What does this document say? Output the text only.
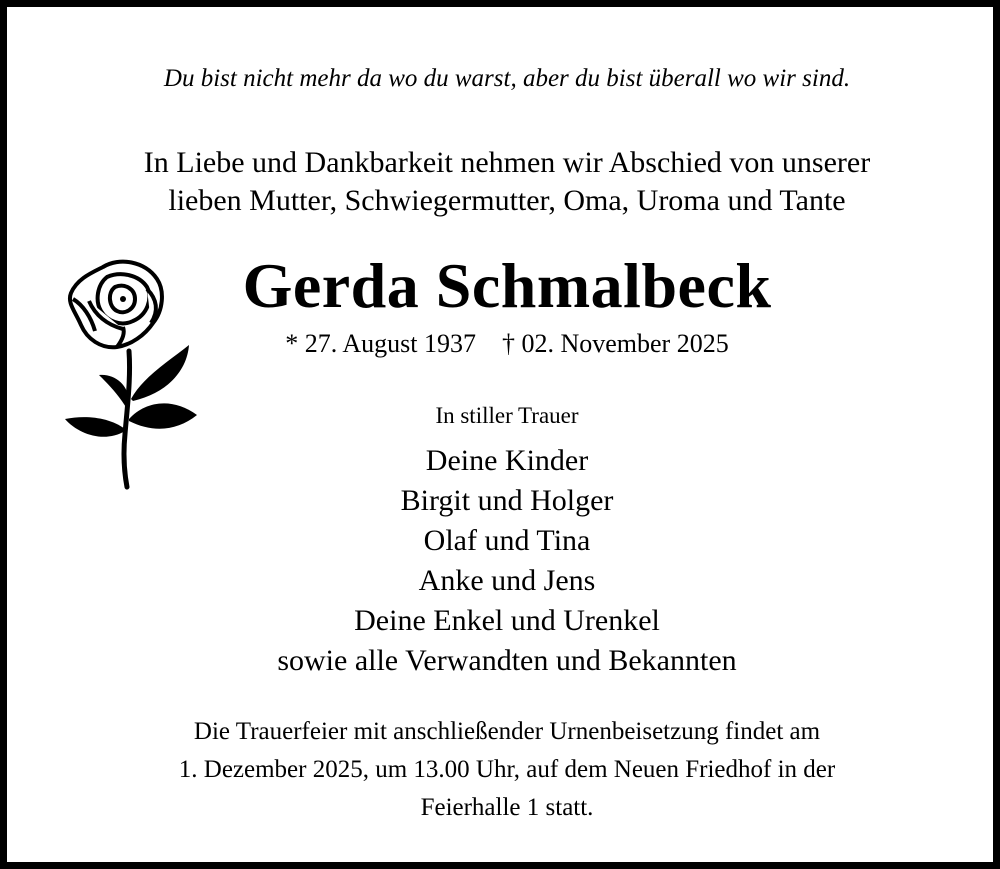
Du bist nicht mehr da wo du warst, aber du bist überall wo wir sind.

In Liebe und Dankbarkeit nehmen wir Abschied von unserer

lieben Mutter, Schwiegermutter, Oma, Uroma und Tante

Gerda Schmalbeck
* 27. August 1937 † 02. November 2025

In stiller Trauer

Deine Kinder

Birgit und Holger

Olaf und Tina

Anke und Jens

Deine Enkel und Urenkel

sowie alle Verwandten und Bekannten

Die Trauerfeier mit anschließender Urnenbeisetzung findet am

1. Dezember 2025, um 13.00 Uhr, auf dem Neuen Friedhof in der

Feierhalle 1 statt.
